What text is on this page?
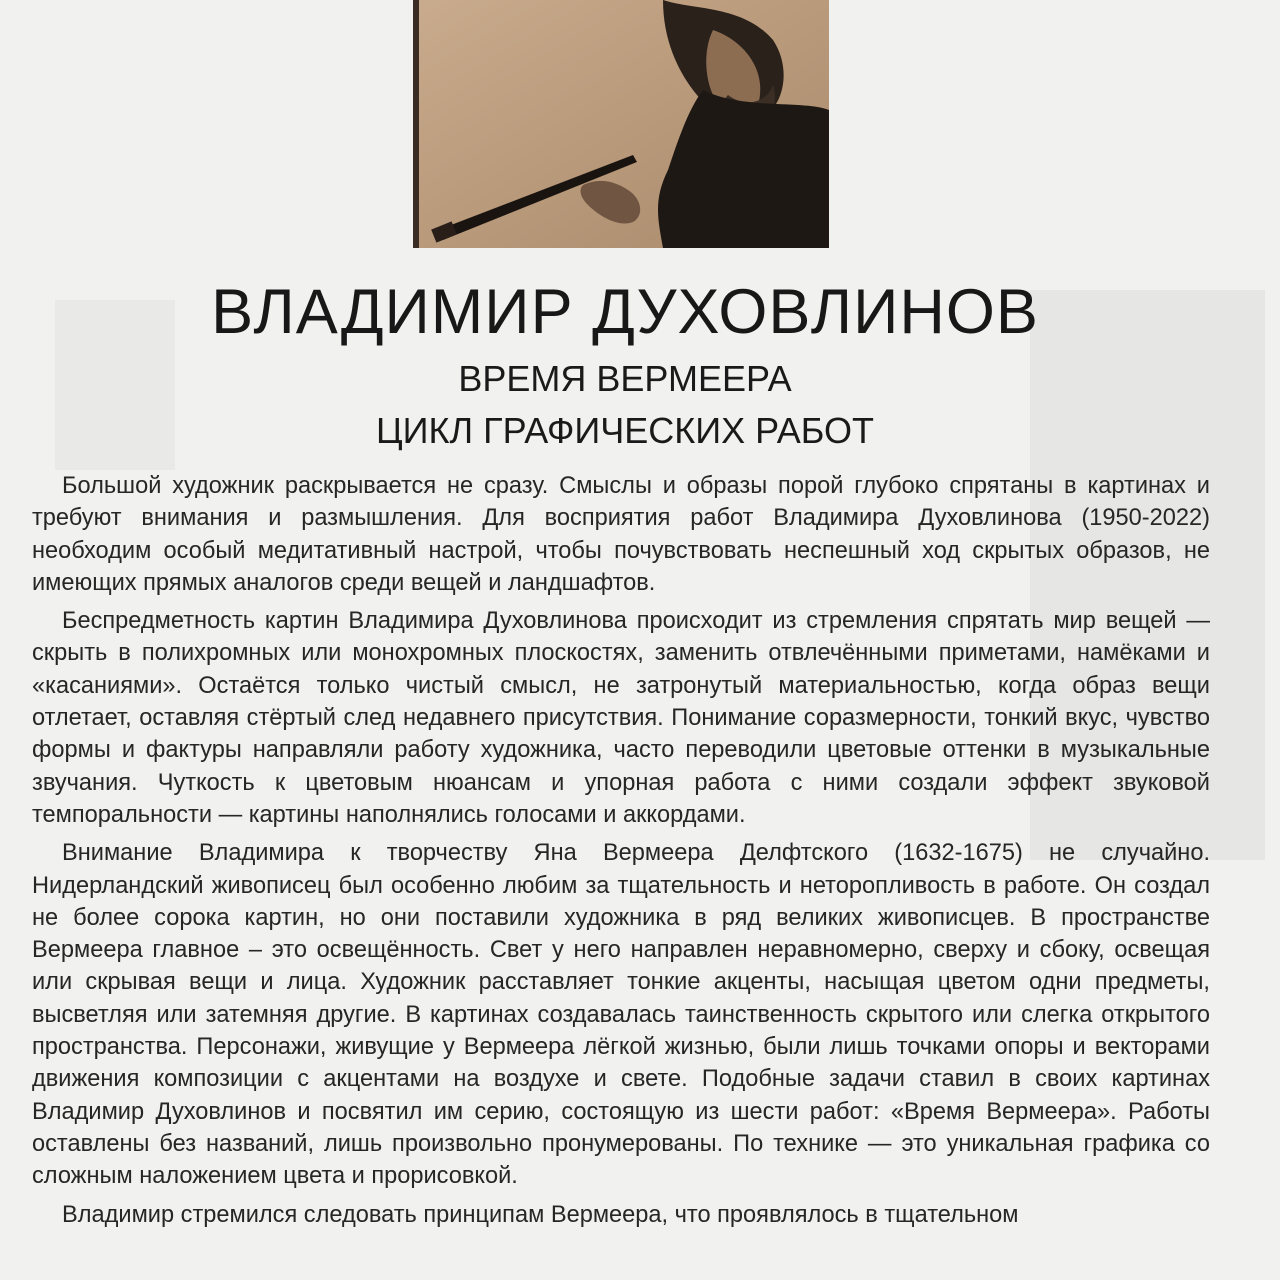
ВЛАДИМИР ДУХОВЛИНОВ
ВРЕМЯ ВЕРМЕЕРА
ЦИКЛ ГРАФИЧЕСКИХ РАБОТ

Большой художник раскрывается не сразу. Смыслы и образы порой глубоко спрятаны в картинах и требуют внимания и размышления. Для восприятия работ Владимира Духовлинова (1950-2022) необходим особый медитативный настрой, чтобы почувствовать неспешный ход скрытых образов, не имеющих прямых аналогов среди вещей и ландшафтов.

Беспредметность картин Владимира Духовлинова происходит из стремления спрятать мир вещей — скрыть в полихромных или монохромных плоскостях, заменить отвлечёнными приметами, намёками и «касаниями». Остаётся только чистый смысл, не затронутый материальностью, когда образ вещи отлетает, оставляя стёртый след недавнего присутствия. Понимание соразмерности, тонкий вкус, чувство формы и фактуры направляли работу художника, часто переводили цветовые оттенки в музыкальные звучания. Чуткость к цветовым нюансам и упорная работа с ними создали эффект звуковой темпоральности — картины наполнялись голосами и аккордами.

Внимание Владимира к творчеству Яна Вермеера Делфтского (1632-1675) не случайно. Нидерландский живописец был особенно любим за тщательность и неторопливость в работе. Он создал не более сорока картин, но они поставили художника в ряд великих живописцев. В пространстве Вермеера главное – это освещённость. Свет у него направлен неравномерно, сверху и сбоку, освещая или скрывая вещи и лица. Художник расставляет тонкие акценты, насыщая цветом одни предметы, высветляя или затемняя другие. В картинах создавалась таинственность скрытого или слегка открытого пространства. Персонажи, живущие у Вермеера лёгкой жизнью, были лишь точками опоры и векторами движения композиции с акцентами на воздухе и свете. Подобные задачи ставил в своих картинах Владимир Духовлинов и посвятил им серию, состоящую из шести работ: «Время Вермеера». Работы оставлены без названий, лишь произвольно пронумерованы. По технике — это уникальная графика со сложным наложением цвета и прорисовкой.

Владимир стремился следовать принципам Вермеера, что проявлялось в тщательном
